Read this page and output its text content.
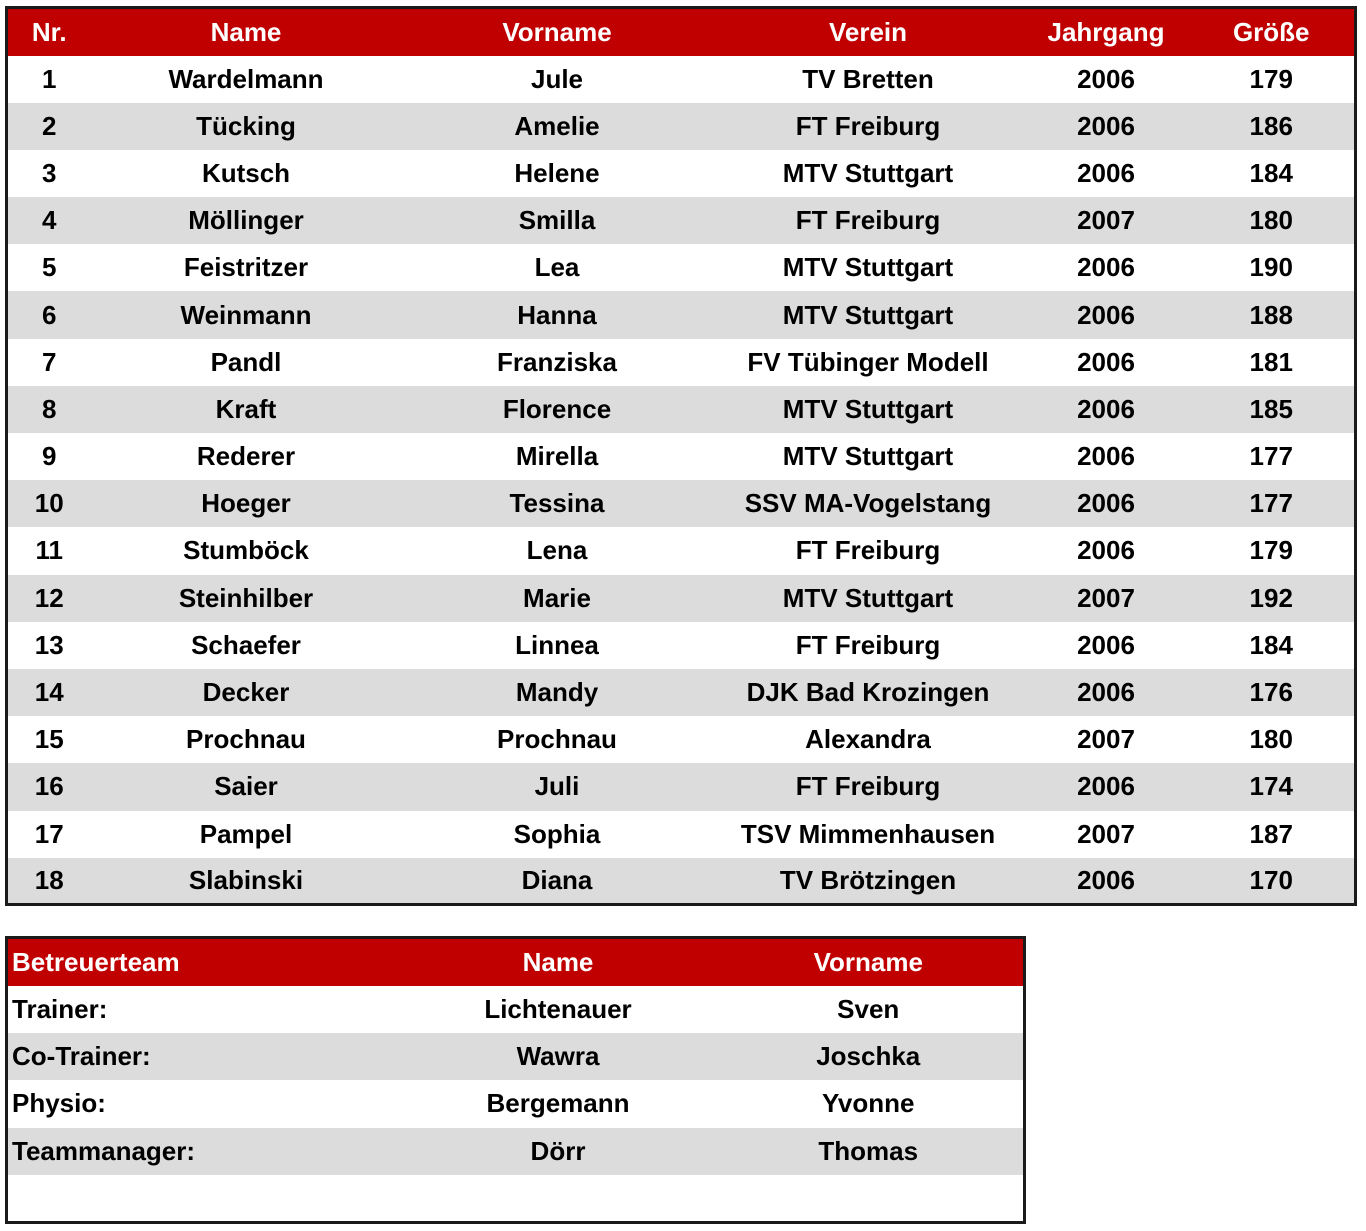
Nr.	Name	Vorname	Verein	Jahrgang	Größe
1	Wardelmann	Jule	TV Bretten	2006	179
2	Tücking	Amelie	FT Freiburg	2006	186
3	Kutsch	Helene	MTV Stuttgart	2006	184
4	Möllinger	Smilla	FT Freiburg	2007	180
5	Feistritzer	Lea	MTV Stuttgart	2006	190
6	Weinmann	Hanna	MTV Stuttgart	2006	188
7	Pandl	Franziska	FV Tübinger Modell	2006	181
8	Kraft	Florence	MTV Stuttgart	2006	185
9	Rederer	Mirella	MTV Stuttgart	2006	177
10	Hoeger	Tessina	SSV MA-Vogelstang	2006	177
11	Stumböck	Lena	FT Freiburg	2006	179
12	Steinhilber	Marie	MTV Stuttgart	2007	192
13	Schaefer	Linnea	FT Freiburg	2006	184
14	Decker	Mandy	DJK Bad Krozingen	2006	176
15	Prochnau	Prochnau	Alexandra	2007	180
16	Saier	Juli	FT Freiburg	2006	174
17	Pampel	Sophia	TSV Mimmenhausen	2007	187
18	Slabinski	Diana	TV Brötzingen	2006	170
Betreuerteam	Name	Vorname
Trainer:	Lichtenauer	Sven
Co-Trainer:	Wawra	Joschka
Physio:	Bergemann	Yvonne
Teammanager:	Dörr	Thomas
